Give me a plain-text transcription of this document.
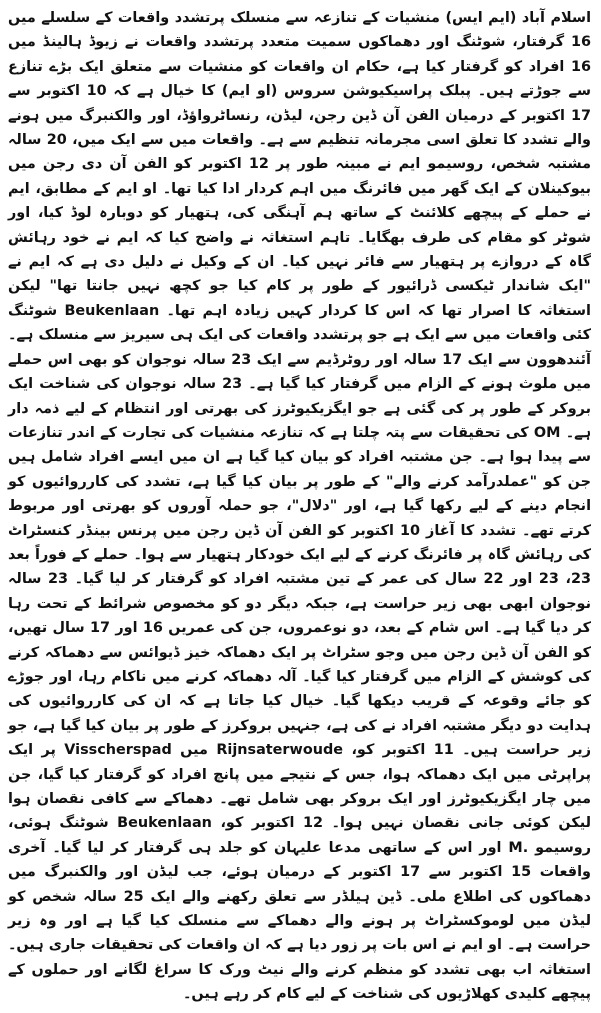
اسلام آباد (ایم ایس) منشیات کے تنازعہ سے منسلک پرتشدد واقعات کے سلسلے میں 16 گرفتار، شوٹنگ اور دھماکوں سمیت متعدد پرتشدد واقعات نے زیوڈ ہالینڈ میں 16 افراد کو گرفتار کیا ہے، حکام ان واقعات کو منشیات سے متعلق ایک بڑے تنازع سے جوڑتے ہیں۔ پبلک پراسیکیوشن سروس (او ایم) کا خیال ہے کہ 10 اکتوبر سے 17 اکتوبر کے درمیان الفن آن ڈین رجن، لیڈن، رنساٹرواؤڈ، اور والکنبرگ میں ہونے والے تشدد کا تعلق اسی مجرمانہ تنظیم سے ہے۔ واقعات میں سے ایک میں، 20 سالہ مشتبہ شخص، روسیمو ایم نے مبینہ طور پر 12 اکتوبر کو الفن آن دی رجن میں بیوکینلان کے ایک گھر میں فائرنگ میں اہم کردار ادا کیا تھا۔ او ایم کے مطابق، ایم نے حملے کے پیچھے کلائنٹ کے ساتھ ہم آہنگی کی، ہتھیار کو دوبارہ لوڈ کیا، اور شوٹر کو مقام کی طرف بھگایا۔ تاہم استغاثہ نے واضح کیا کہ ایم نے خود رہائش گاہ کے دروازے پر ہتھیار سے فائر نہیں کیا۔ ان کے وکیل نے دلیل دی ہے کہ ایم نے "ایک شاندار ٹیکسی ڈرائیور کے طور پر کام کیا جو کچھ نہیں جانتا تھا" لیکن استغاثہ کا اصرار تھا کہ اس کا کردار کہیں زیادہ اہم تھا۔ Beukenlaan شوٹنگ کئی واقعات میں سے ایک ہے جو پرتشدد واقعات کی ایک ہی سیریز سے منسلک ہے۔ آئندھوون سے ایک 17 سالہ اور روٹرڈیم سے ایک 23 سالہ نوجوان کو بھی اس حملے میں ملوث ہونے کے الزام میں گرفتار کیا گیا ہے۔ 23 سالہ نوجوان کی شناخت ایک بروکر کے طور پر کی گئی ہے جو ایگزیکیوٹرز کی بھرتی اور انتظام کے لیے ذمہ دار ہے۔ OM کی تحقیقات سے پتہ چلتا ہے کہ تنازعہ منشیات کی تجارت کے اندر تنازعات سے پیدا ہوا ہے۔ جن مشتبہ افراد کو بیان کیا گیا ہے ان میں ایسے افراد شامل ہیں جن کو "عملدرآمد کرنے والے" کے طور پر بیان کیا گیا ہے، تشدد کی کارروائیوں کو انجام دینے کے لیے رکھا گیا ہے، اور "دلال"، جو حملہ آوروں کو بھرتی اور مربوط کرتے تھے۔ تشدد کا آغاز 10 اکتوبر کو الفن آن ڈین رجن میں پرنس بینڈر کنسٹراٹ کی رہائش گاہ پر فائرنگ کرنے کے لیے ایک خودکار ہتھیار سے ہوا۔ حملے کے فوراً بعد 23، 23 اور 22 سال کی عمر کے تین مشتبہ افراد کو گرفتار کر لیا گیا۔ 23 سالہ نوجوان ابھی بھی زیر حراست ہے، جبکہ دیگر دو کو مخصوص شرائط کے تحت رہا کر دیا گیا ہے۔ اس شام کے بعد، دو نوعمروں، جن کی عمریں 16 اور 17 سال تھیں، کو الفن آن ڈین رجن میں وجو سٹراٹ پر ایک دھماکہ خیز ڈیوائس سے دھماکہ کرنے کی کوشش کے الزام میں گرفتار کیا گیا۔ آلہ دھماکہ کرنے میں ناکام رہا، اور جوڑے کو جائے وقوعہ کے قریب دیکھا گیا۔ خیال کیا جاتا ہے کہ ان کی کارروائیوں کی ہدایت دو دیگر مشتبہ افراد نے کی ہے، جنہیں بروکرز کے طور پر بیان کیا گیا ہے، جو زیر حراست ہیں۔ 11 اکتوبر کو، Rijnsaterwoude میں Visscherspad پر ایک پراپرٹی میں ایک دھماکہ ہوا، جس کے نتیجے میں پانچ افراد کو گرفتار کیا گیا، جن میں چار ایگزیکیوٹرز اور ایک بروکر بھی شامل تھے۔ دھماکے سے کافی نقصان ہوا لیکن کوئی جانی نقصان نہیں ہوا۔ 12 اکتوبر کو، Beukenlaan شوٹنگ ہوئی، روسیمو .M اور اس کے ساتھی مدعا علیہان کو جلد ہی گرفتار کر لیا گیا۔ آخری واقعات 15 اکتوبر سے 17 اکتوبر کے درمیان ہوئے، جب لیڈن اور والکنبرگ میں دھماکوں کی اطلاع ملی۔ ڈین ہیلڈر سے تعلق رکھنے والے ایک 25 سالہ شخص کو لیڈن میں لوموکسٹراٹ پر ہونے والے دھماکے سے منسلک کیا گیا ہے اور وہ زیر حراست ہے۔ او ایم نے اس بات پر زور دیا ہے کہ ان واقعات کی تحقیقات جاری ہیں۔ استغاثہ اب بھی تشدد کو منظم کرنے والے نیٹ ورک کا سراغ لگانے اور حملوں کے پیچھے کلیدی کھلاڑیوں کی شناخت کے لیے کام کر رہے ہیں۔
